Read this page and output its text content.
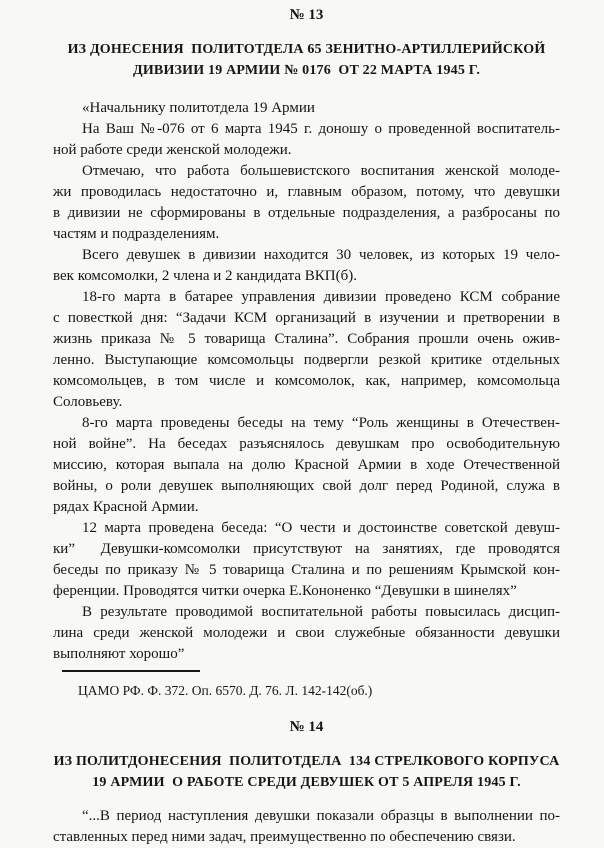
№ 13
ИЗ ДОНЕСЕНИЯ  ПОЛИТОТДЕЛА 65 ЗЕНИТНО-АРТИЛЛЕРИЙСКОЙ
ДИВИЗИИ 19 АРМИИ № 0176  ОТ 22 МАРТА 1945 Г.
«Начальнику политотдела 19 Армии
На Ваш №-076 от 6 марта 1945 г. доношу о проведенной воспитатель-
ной работе среди женской молодежи.
Отмечаю, что работа большевистского воспитания женской молоде-
жи проводилась недостаточно и, главным образом, потому, что девушки
в дивизии не сформированы в отдельные подразделения, а разбросаны по
частям и подразделениям.
Всего девушек в дивизии находится 30 человек, из которых 19 чело-
век комсомолки, 2 члена и 2 кандидата ВКП(б).
18-го марта в батарее управления дивизии проведено КСМ собрание
с повесткой дня: “Задачи КСМ организаций в изучении и претворении в
жизнь приказа № 5 товарища Сталина”. Собрания прошли очень ожив-
ленно. Выступающие комсомольцы подвергли резкой критике отдельных
комсомольцев, в том числе и комсомолок, как, например, комсомольца
Соловьеву.
8-го марта проведены беседы на тему “Роль женщины в Отечествен-
ной войне”. На беседах разъяснялось девушкам про освободительную
миссию, которая выпала на долю Красной Армии в ходе Отечественной
войны, о роли девушек выполняющих свой долг перед Родиной, служа в
рядах Красной Армии.
12 марта проведена беседа: “О чести и достоинстве советской девуш-
ки”  Девушки-комсомолки присутствуют на занятиях, где проводятся
беседы по приказу № 5 товарища Сталина и по решениям Крымской кон-
ференции. Проводятся читки очерка Е.Кононенко “Девушки в шинелях”
В результате проводимой воспитательной работы повысилась дисцип-
лина среди женской молодежи и свои служебные обязанности девушки
выполняют хорошо”
ЦАМО РФ. Ф. 372. Оп. 6570. Д. 76. Л. 142-142(об.)
№ 14
ИЗ ПОЛИТДОНЕСЕНИЯ  ПОЛИТОТДЕЛА  134 СТРЕЛКОВОГО КОРПУСА
19 АРМИИ  О РАБОТЕ СРЕДИ ДЕВУШЕК ОТ 5 АПРЕЛЯ 1945 Г.
“...В период наступления девушки показали образцы в выполнении по-
ставленных перед ними задач, преимущественно по обеспечению связи.
